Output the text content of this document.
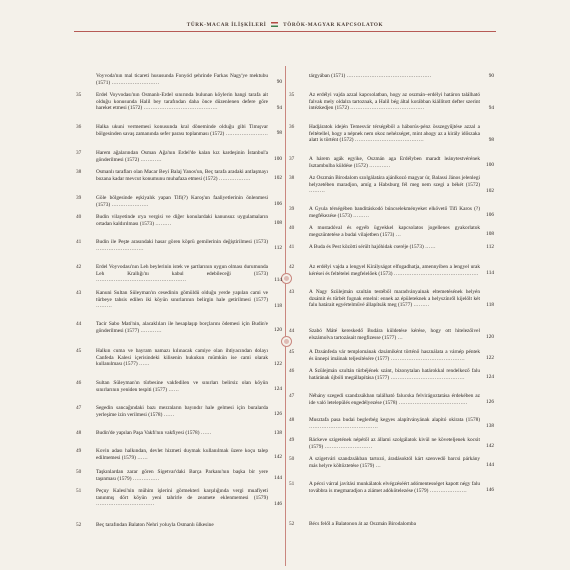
TÜRK-MACAR İLİŞKİLERİ	TÖRÖK-MAGYAR KAPCSOLATOK
Voyvoda'nın mal ticareti hususunda Fonyód şehrinde Farkas Nagy'ye mektubu (1571) ………………………	90
35	Erdel Voyvodası'nın Osmanlı-Erdel sınırında bulunan köylerin hangi tarafa ait olduğu konusunda Halil bey tarafından daha önce düzenlenen defere göre hareket etmesi (1572) ……………………………………	94
36	Halka ukuni vermemesi konusunda kral döneminde olduğu gibi Timışvar bölgesinden savaş zamanında sefer parası toplanması (1572) ……………………	98
37	Harem ağalarından Osman Ağa'nın Erdel'de kalan kız kardeşinin İstanbul'a gönderilmesi (1572) …………	100
38	Osmanlı tarafları olan Macar Beyi Balaj Yanos'un, Beç tarafa aradaki antlaşmayı bozana kadar mevcut konumunu muhafaza etmesi (1572) ………………	102
39	Göle bölgesinde eşkiyalık yapan Tifi(?) Karoş'un faaliyetlerinin önlenmesi (1573) …………………	106
40	Budin vilayetinde ırya vergisi ve diğer konulardaki kanunsuz uygulamaların ortadan kaldırılması (1573) ………	108
41	Budin ile Peşte arasındaki hasar gören köprü gemilerinin değiştirilmesi (1573) ………………………	112
42	Erdel Voyvodası'nın Leh beylerinin istek ve şartlarının uygun olması durumunda Leh Krallığı'nı kabul edebileceği (1573) ……………………………………………	114
43	Kanuni Sultan Süleyman'ın cesedinin gömüldü olduğu yerde yapılan cami ve türbeye tahsis edilen iki köyün sınırlarının belirgin hale getirilmesi (1577) ………	118
44	Tacir Sabo Mati'nin, alacaklıları ile hesaplaşıp borçlarını ödemesi için Budin'e gönderilmesi (1577) …………	120
45	Halkın cuma ve bayram namazı kılınacak camiye olan ihtiyacından dolayı Canfeda Kalesi içerisindeki kilisenin hukukun mümkün ise cami olarak kullanılması (1577) ……	122
46	Sultan Süleyman'ın türbesine vakfedilen ve sınırları belirsiz olan köyün sınırlarının yeniden tespiti (1577) ……	124
47	Segedin sancağındaki bazı mezraların bayındır hale gelmesi için buralarda yerleşime izin verilmesi (1578) ……	126
48	Budin'de yapılan Paşa Vakfı'nın vakfiyesi (1578) ……	138
49	Kovin adası halkından, devlet hizmeti duymak kullanılmak üzere koçu talep edilmemesi (1579) ……	142
50	Taşkınlardan zarar gören Sigetvar'daki Barça Parkanı'nın başka bir yere taşınması (1579) ……………	144
51	Peçuy Kalesi'nin mühim işlerini görmekteri karşılığında vergi muafiyeti tanınmış dört köyün yeni tahrirle de zeamete eklenmemesi (1579) ……………………………	146
52	Beç tarafından Balaton Nehri yoluyla Osmanlı ülkesine
tárgyában (1571) …………………………………………	90
35	Az erdélyi vajda azzal kapcsolatban, hogy az oszmán–erdélyi határon található falvak mely oldalra tartoznak, a Halil bég által korábban kiállított defter szerint intézkedjen (1572) ……………………………………	94
36	Hadjáratok idején Temesvár térségéből a háborús-pénz összegyűjtése azzal a feltétellel, hogy a népnek nem okoz nehézséget, mint ahogy az a király időszaka alatt is történt (1572) …………………………………	98
37	A hárem agák egyike, Oszmán aga Erdélyben maradt leánytestvérének Isztambulba küldése (1572) …………	100
38	Az Oszmán Birodalom szolgálatára ajánlkozó magyar úr, Balassi János jelenlegi helyzetében maradjon, amíg a Habsburg fél meg nem szegi a békét (1572) ………	102
39	A Gyula térségében banditáskodó búncselekményeket elkövető Tifi Karos (?) megfékezése (1573) ………	106
40	A mustadóval és egyéb ügyekkel kapcsolatos jogellenes gyakorlatok megszüntetése a budai vilajetben (1573) …	108
41	A Buda és Pest közötti sérült hajóhidak cseréje (1573) ……	112
42	Az erdélyi vajda a lengyel Királyságot elfogadhatja, amennyiben a lengyel urak kérései és feltételei megfelelőek (1573) …………………………………………	114
43	A Nagy Szülejmán szultán testéből maradványainak eltemetésének helyén dzsámit és türbét fognak emelni: ennek az épületeknek a helyszínről kijelölt két falu határait egyértelművé állapítsák meg (1577) ………	118
44	Szabó Máté kereskedő Budára küldetése kérése, hogy ott hitelezőivel elszámolva tartozásait megfizesse (1577) …	120
45	A Dzsánfeda vár templomának dzsámiként történő használata a várnép péntek és ünnepi imáinak teljesítésére (1577) ……………………………………	122
46	A Szülejmán szultán türbéjének szánt, bizonytalan határokkal rendelkező falu határának újbóli megállapítása (1577) ……………………………………	124
47	Néhány szegedi szandzsákban található falucska felvirágoztatása érdekében az ide való letelepülés engedélyezése (1578) …………………………………	126
48	Musztafa pasa budai beglerbég kegyes alapítványának alapító okirata (1578) …………………………………	138
49	Ráckeve szigetének népétől az állami szolgálatok kivül ne követeljenek kocsit (1579) ………………………	142
50	A szigetvári szandzsákban tartozó, áradásoktól kárt szenvedő barcsi párkány más helyre költöztetése (1579) …	144
51	A pécsi várral javítási munkálatok elvégzéséért adómentességet kapott négy falu továbbra is megmaradjon a ziámet adókötelezése (1579) …………………	146
52	Bécs felől a Balatonon át az Oszmán Birodalomba
